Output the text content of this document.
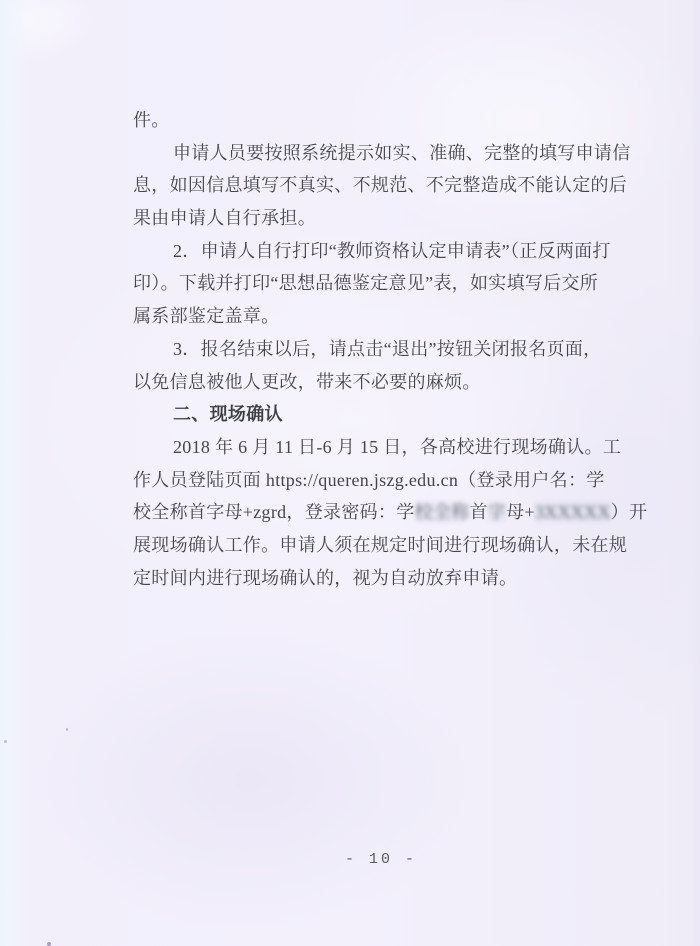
件。
申请人员要按照系统提示如实、准确、完整的填写申请信
息，如因信息填写不真实、不规范、不完整造成不能认定的后
果由申请人自行承担。
2．申请人自行打印“教师资格认定申请表”（正反两面打
印）。下载并打印“思想品德鉴定意见”表，如实填写后交所
属系部鉴定盖章。
3．报名结束以后，请点击“退出”按钮关闭报名页面，
以免信息被他人更改，带来不必要的麻烦。
二、现场确认
2018 年 6 月 11 日-6 月 15 日，各高校进行现场确认。工
作人员登陆页面 https://queren.jszg.edu.cn（登录用户名：学
校全称首字母+zgrd，登录密码：学校全称首字母+3XXXXX）开
展现场确认工作。申请人须在规定时间进行现场确认，未在规
定时间内进行现场确认的，视为自动放弃申请。
- 10 -
